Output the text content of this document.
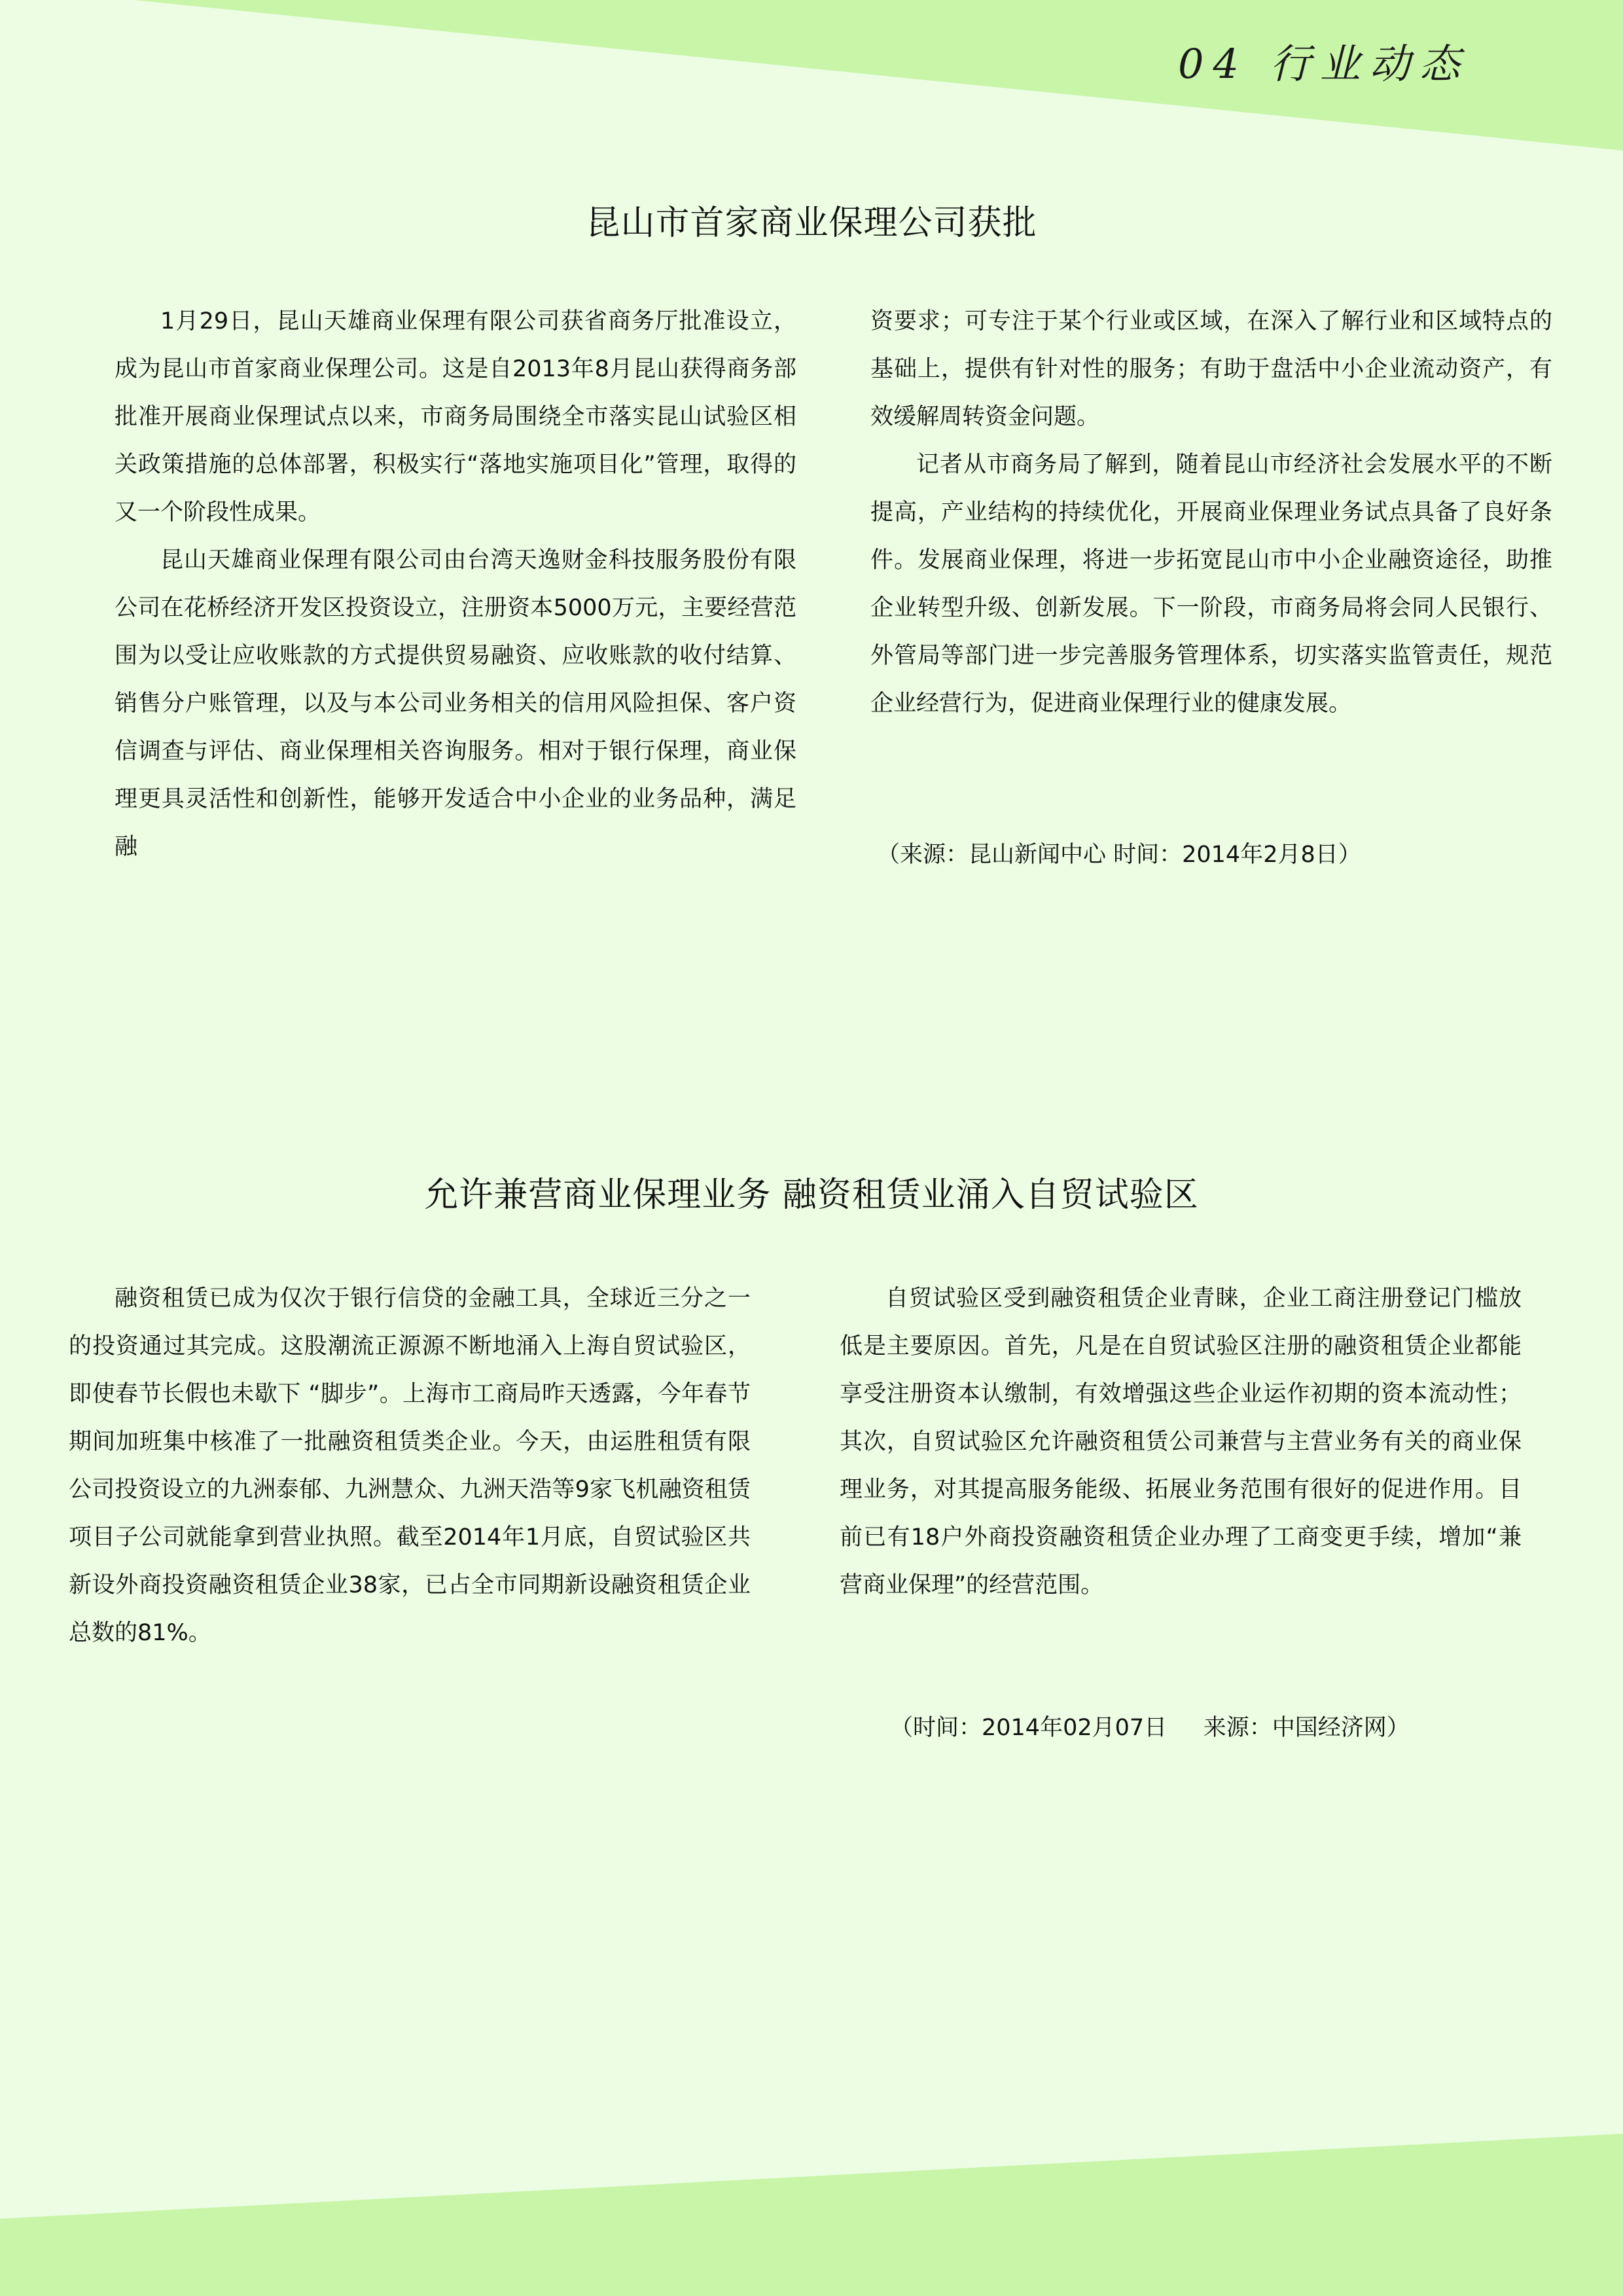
04 行业动态
昆山市首家商业保理公司获批

1月29日，昆山天雄商业保理有限公司获省商务厅批准设立，成为昆山市首家商业保理公司。这是自2013年8月昆山获得商务部批准开展商业保理试点以来，市商务局围绕全市落实昆山试验区相关政策措施的总体部署，积极实行“落地实施项目化”管理，取得的又一个阶段性成果。

昆山天雄商业保理有限公司由台湾天逸财金科技服务股份有限公司在花桥经济开发区投资设立，注册资本5000万元，主要经营范围为以受让应收账款的方式提供贸易融资、应收账款的收付结算、销售分户账管理，以及与本公司业务相关的信用风险担保、客户资信调查与评估、商业保理相关咨询服务。相对于银行保理，商业保理更具灵活性和创新性，能够开发适合中小企业的业务品种，满足融

资要求；可专注于某个行业或区域，在深入了解行业和区域特点的基础上，提供有针对性的服务；有助于盘活中小企业流动资产，有效缓解周转资金问题。

记者从市商务局了解到，随着昆山市经济社会发展水平的不断提高，产业结构的持续优化，开展商业保理业务试点具备了良好条件。发展商业保理，将进一步拓宽昆山市中小企业融资途径，助推企业转型升级、创新发展。下一阶段，市商务局将会同人民银行、外管局等部门进一步完善服务管理体系，切实落实监管责任，规范企业经营行为，促进商业保理行业的健康发展。

（来源：昆山新闻中心 时间：2014年2月8日）
允许兼营商业保理业务 融资租赁业涌入自贸试验区

融资租赁已成为仅次于银行信贷的金融工具，全球近三分之一的投资通过其完成。这股潮流正源源不断地涌入上海自贸试验区，即使春节长假也未歇下 “脚步”。上海市工商局昨天透露，今年春节期间加班集中核准了一批融资租赁类企业。今天，由运胜租赁有限公司投资设立的九洲泰郁、九洲慧众、九洲天浩等9家飞机融资租赁项目子公司就能拿到营业执照。截至2014年1月底，自贸试验区共新设外商投资融资租赁企业38家，已占全市同期新设融资租赁企业总数的81%。

自贸试验区受到融资租赁企业青睐，企业工商注册登记门槛放低是主要原因。首先，凡是在自贸试验区注册的融资租赁企业都能享受注册资本认缴制，有效增强这些企业运作初期的资本流动性；其次，自贸试验区允许融资租赁公司兼营与主营业务有关的商业保理业务，对其提高服务能级、拓展业务范围有很好的促进作用。目前已有18户外商投资融资租赁企业办理了工商变更手续，增加“兼营商业保理”的经营范围。

（时间：2014年02月07日     来源：中国经济网）
